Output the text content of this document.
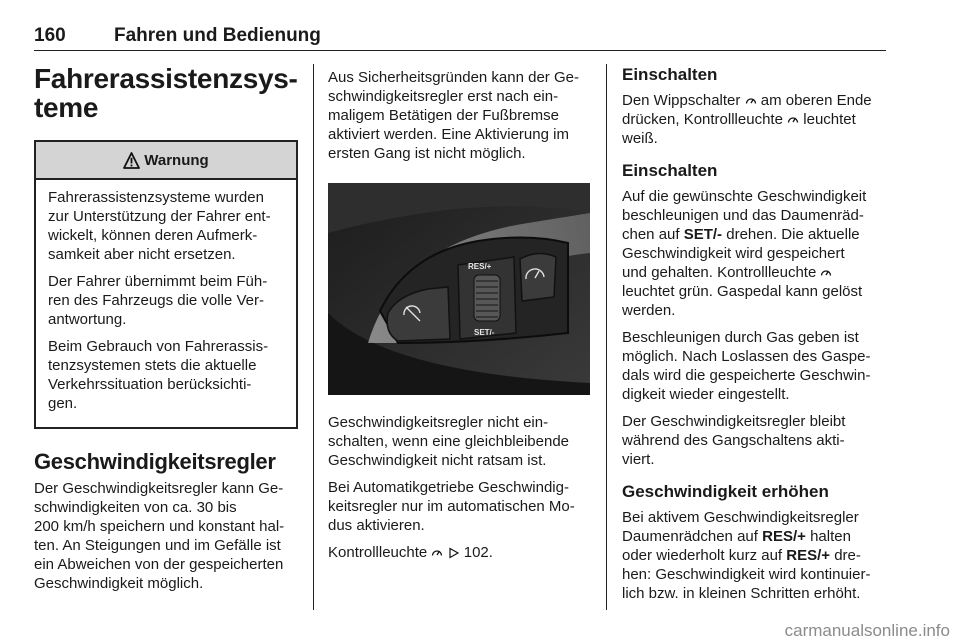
160	Fahren und Bedienung
Fahrerassistenzsys-
teme
Warnung

Fahrerassistenzsysteme wurden
zur Unterstützung der Fahrer ent-
wickelt, können deren Aufmerk-
samkeit aber nicht ersetzen.

Der Fahrer übernimmt beim Füh-
ren des Fahrzeugs die volle Ver-
antwortung.

Beim Gebrauch von Fahrerassis-
tenzsystemen stets die aktuelle
Verkehrssituation berücksichti-
gen.

Geschwindigkeitsregler

Der Geschwindigkeitsregler kann Ge-
schwindigkeiten von ca. 30 bis
200 km/h speichern und konstant hal-
ten. An Steigungen und im Gefälle ist
ein Abweichen von der gespeicherten
Geschwindigkeit möglich.

Aus Sicherheitsgründen kann der Ge-
schwindigkeitsregler erst nach ein-
maligem Betätigen der Fußbremse
aktiviert werden. Eine Aktivierung im
ersten Gang ist nicht möglich.

RES/+
SET/-

Geschwindigkeitsregler nicht ein-
schalten, wenn eine gleichbleibende
Geschwindigkeit nicht ratsam ist.

Bei Automatikgetriebe Geschwindig-
keitsregler nur im automatischen Mo-
dus aktivieren.

Kontrollleuchte 102.

Einschalten

Den Wippschalter am oberen Ende
drücken, Kontrollleuchte leuchtet
weiß.

Einschalten

Auf die gewünschte Geschwindigkeit
beschleunigen und das Daumenräd-
chen auf SET/- drehen. Die aktuelle
Geschwindigkeit wird gespeichert
und gehalten. Kontrollleuchte
leuchtet grün. Gaspedal kann gelöst
werden.

Beschleunigen durch Gas geben ist
möglich. Nach Loslassen des Gaspe-
dals wird die gespeicherte Geschwin-
digkeit wieder eingestellt.

Der Geschwindigkeitsregler bleibt
während des Gangschaltens akti-
viert.

Geschwindigkeit erhöhen

Bei aktivem Geschwindigkeitsregler
Daumenrädchen auf RES/+ halten
oder wiederholt kurz auf RES/+ dre-
hen: Geschwindigkeit wird kontinuier-
lich bzw. in kleinen Schritten erhöht.

carmanualsonline.info
